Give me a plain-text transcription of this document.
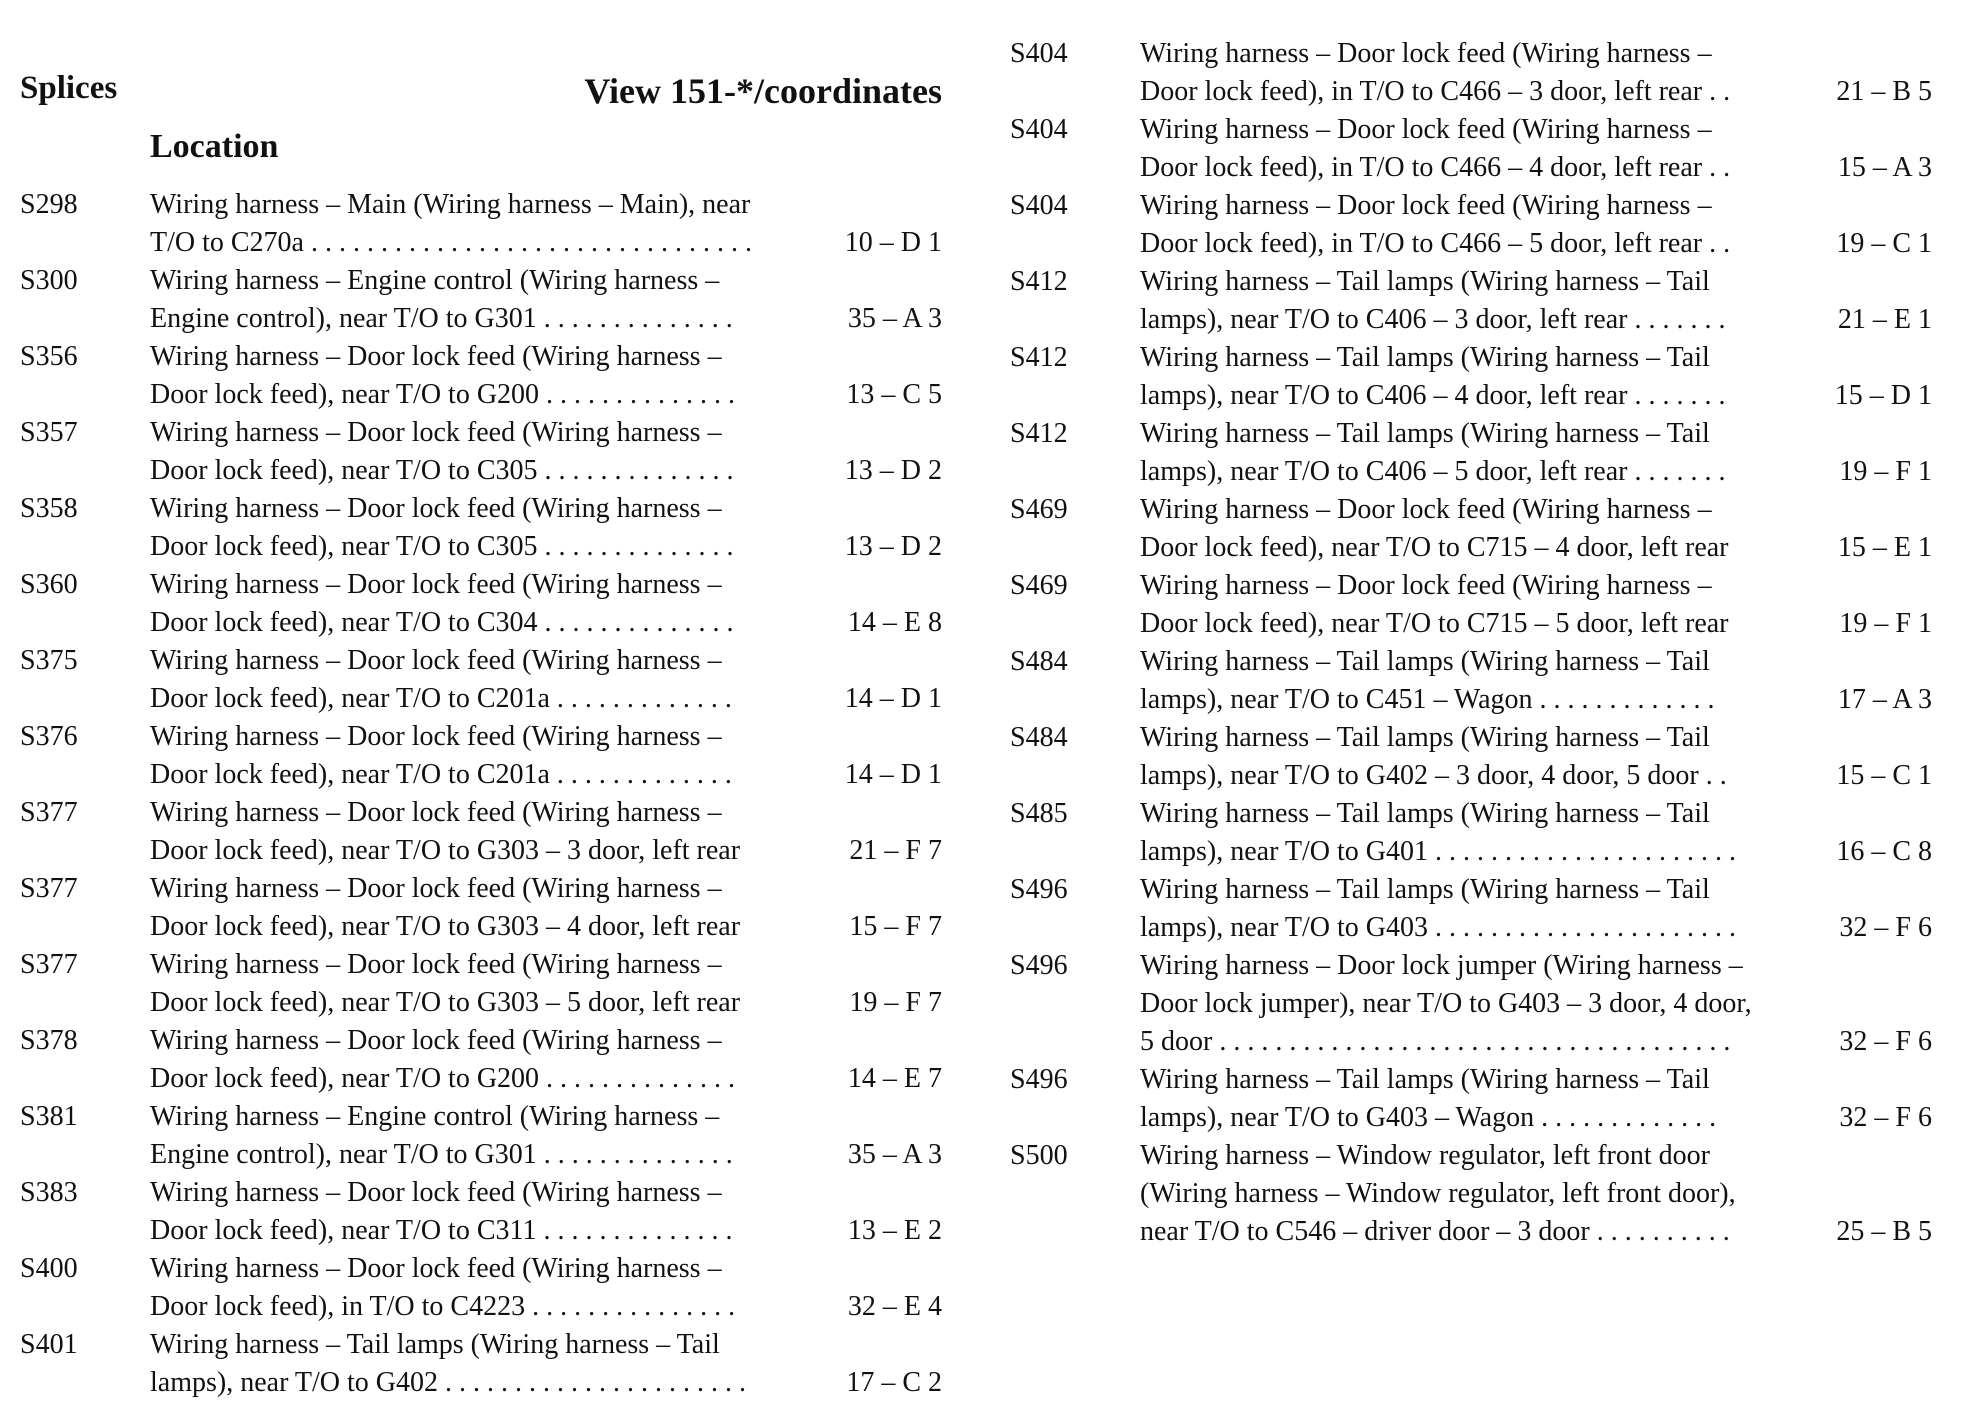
Splices	View 151-*/coordinates
Location
S298	Wiring harness – Main (Wiring harness – Main), near
T/O to C270a . . . . . . . . . . . . . . . . . . . . . . . . . . . . . . . .	10 – D 1
S300	Wiring harness – Engine control (Wiring harness –
Engine control), near T/O to G301 . . . . . . . . . . . . . .	35 – A 3
S356	Wiring harness – Door lock feed (Wiring harness –
Door lock feed), near T/O to G200 . . . . . . . . . . . . . .	13 – C 5
S357	Wiring harness – Door lock feed (Wiring harness –
Door lock feed), near T/O to C305 . . . . . . . . . . . . . .	13 – D 2
S358	Wiring harness – Door lock feed (Wiring harness –
Door lock feed), near T/O to C305 . . . . . . . . . . . . . .	13 – D 2
S360	Wiring harness – Door lock feed (Wiring harness –
Door lock feed), near T/O to C304 . . . . . . . . . . . . . .	14 – E 8
S375	Wiring harness – Door lock feed (Wiring harness –
Door lock feed), near T/O to C201a . . . . . . . . . . . . .	14 – D 1
S376	Wiring harness – Door lock feed (Wiring harness –
Door lock feed), near T/O to C201a . . . . . . . . . . . . .	14 – D 1
S377	Wiring harness – Door lock feed (Wiring harness –
Door lock feed), near T/O to G303 – 3 door, left rear	21 – F 7
S377	Wiring harness – Door lock feed (Wiring harness –
Door lock feed), near T/O to G303 – 4 door, left rear	15 – F 7
S377	Wiring harness – Door lock feed (Wiring harness –
Door lock feed), near T/O to G303 – 5 door, left rear	19 – F 7
S378	Wiring harness – Door lock feed (Wiring harness –
Door lock feed), near T/O to G200 . . . . . . . . . . . . . .	14 – E 7
S381	Wiring harness – Engine control (Wiring harness –
Engine control), near T/O to G301 . . . . . . . . . . . . . .	35 – A 3
S383	Wiring harness – Door lock feed (Wiring harness –
Door lock feed), near T/O to C311 . . . . . . . . . . . . . .	13 – E 2
S400	Wiring harness – Door lock feed (Wiring harness –
Door lock feed), in T/O to C4223 . . . . . . . . . . . . . . .	32 – E 4
S401	Wiring harness – Tail lamps (Wiring harness – Tail
lamps), near T/O to G402 . . . . . . . . . . . . . . . . . . . . . .	17 – C 2
S404	Wiring harness – Door lock feed (Wiring harness –
Door lock feed), in T/O to C466 – 3 door, left rear . .	21 – B 5
S404	Wiring harness – Door lock feed (Wiring harness –
Door lock feed), in T/O to C466 – 4 door, left rear . .	15 – A 3
S404	Wiring harness – Door lock feed (Wiring harness –
Door lock feed), in T/O to C466 – 5 door, left rear . .	19 – C 1
S412	Wiring harness – Tail lamps (Wiring harness – Tail
lamps), near T/O to C406 – 3 door, left rear . . . . . . .	21 – E 1
S412	Wiring harness – Tail lamps (Wiring harness – Tail
lamps), near T/O to C406 – 4 door, left rear . . . . . . .	15 – D 1
S412	Wiring harness – Tail lamps (Wiring harness – Tail
lamps), near T/O to C406 – 5 door, left rear . . . . . . .	19 – F 1
S469	Wiring harness – Door lock feed (Wiring harness –
Door lock feed), near T/O to C715 – 4 door, left rear	15 – E 1
S469	Wiring harness – Door lock feed (Wiring harness –
Door lock feed), near T/O to C715 – 5 door, left rear	19 – F 1
S484	Wiring harness – Tail lamps (Wiring harness – Tail
lamps), near T/O to C451 – Wagon . . . . . . . . . . . . .	17 – A 3
S484	Wiring harness – Tail lamps (Wiring harness – Tail
lamps), near T/O to G402 – 3 door, 4 door, 5 door . .	15 – C 1
S485	Wiring harness – Tail lamps (Wiring harness – Tail
lamps), near T/O to G401 . . . . . . . . . . . . . . . . . . . . . .	16 – C 8
S496	Wiring harness – Tail lamps (Wiring harness – Tail
lamps), near T/O to G403 . . . . . . . . . . . . . . . . . . . . . .	32 – F 6
S496	Wiring harness – Door lock jumper (Wiring harness –
Door lock jumper), near T/O to G403 – 3 door, 4 door,
5 door . . . . . . . . . . . . . . . . . . . . . . . . . . . . . . . . . . . . .	32 – F 6
S496	Wiring harness – Tail lamps (Wiring harness – Tail
lamps), near T/O to G403 – Wagon . . . . . . . . . . . . .	32 – F 6
S500	Wiring harness – Window regulator, left front door
(Wiring harness – Window regulator, left front door),
near T/O to C546 – driver door – 3 door . . . . . . . . . .	25 – B 5
